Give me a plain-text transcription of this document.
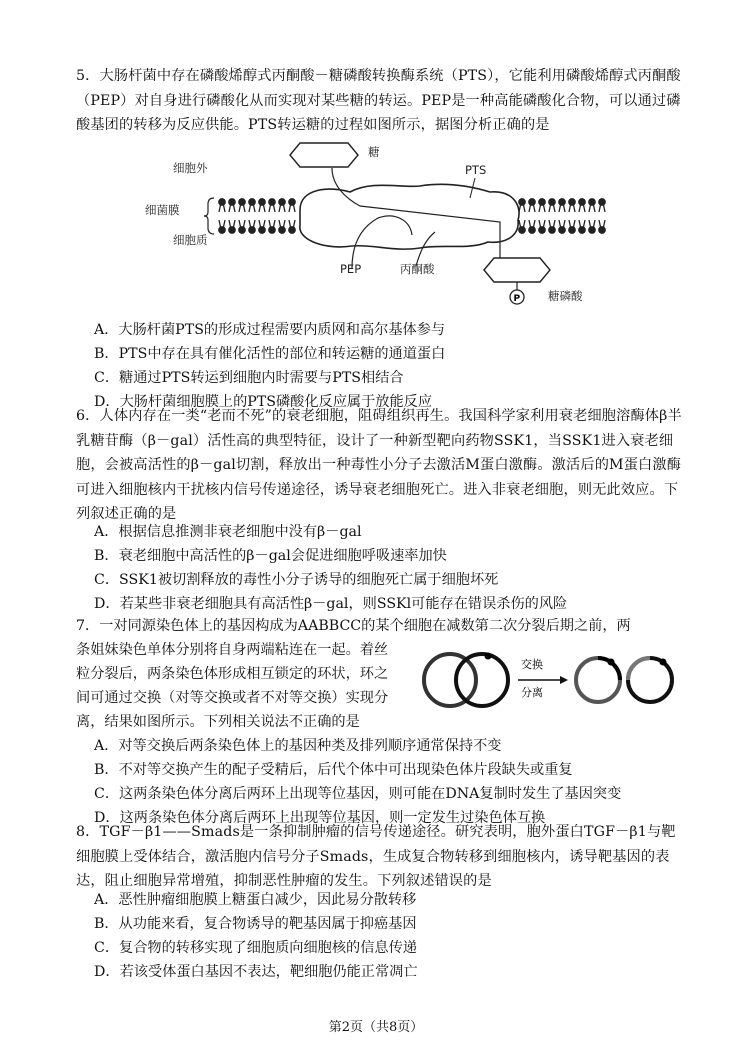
5．大肠杆菌中存在磷酸烯醇式丙酮酸－糖磷酸转换酶系统（PTS），它能利用磷酸烯醇式丙酮酸（PEP）对自身进行磷酸化从而实现对某些糖的转运。PEP是一种高能磷酸化合物，可以通过磷酸基团的转移为反应供能。PTS转运糖的过程如图所示，据图分析正确的是
细胞外
细菌膜
细胞质
糖
PTS
PEP	丙酮酸
P 糖磷酸
A．大肠杆菌PTS的形成过程需要内质网和高尔基体参与
B．PTS中存在具有催化活性的部位和转运糖的通道蛋白
C．糖通过PTS转运到细胞内时需要与PTS相结合
D．大肠杆菌细胞膜上的PTS磷酸化反应属于放能反应
6．人体内存在一类“老而不死”的衰老细胞，阻碍组织再生。我国科学家利用衰老细胞溶酶体β半乳糖苷酶（β－gal）活性高的典型特征，设计了一种新型靶向药物SSK1，当SSK1进入衰老细胞，会被高活性的β－gal切割，释放出一种毒性小分子去激活M蛋白激酶。激活后的M蛋白激酶可进入细胞核内干扰核内信号传递途径，诱导衰老细胞死亡。进入非衰老细胞，则无此效应。下列叙述正确的是
A．根据信息推测非衰老细胞中没有β－gal
B．衰老细胞中高活性的β－gal会促进细胞呼吸速率加快
C．SSK1被切割释放的毒性小分子诱导的细胞死亡属于细胞坏死
D．若某些非衰老细胞具有高活性β－gal，则SSKl可能存在错误杀伤的风险
7．一对同源染色体上的基因构成为AABBCC的某个细胞在减数第二次分裂后期之前，两
条姐妹染色单体分别将自身两端粘连在一起。着丝
粒分裂后，两条染色体形成相互锁定的环状，环之
间可通过交换（对等交换或者不对等交换）实现分
离，结果如图所示。下列相关说法不正确的是
交换
分离
A．对等交换后两条染色体上的基因种类及排列顺序通常保持不变
B．不对等交换产生的配子受精后，后代个体中可出现染色体片段缺失或重复
C．这两条染色体分离后两环上出现等位基因，则可能在DNA复制时发生了基因突变
D．这两条染色体分离后两环上出现等位基因，则一定发生过染色体互换
8．TGF－β1——Smads是一条抑制肿瘤的信号传递途径。研究表明，胞外蛋白TGF－β1与靶细胞膜上受体结合，激活胞内信号分子Smads，生成复合物转移到细胞核内，诱导靶基因的表达，阻止细胞异常增殖，抑制恶性肿瘤的发生。下列叙述错误的是
A．恶性肿瘤细胞膜上糖蛋白减少，因此易分散转移
B．从功能来看，复合物诱导的靶基因属于抑癌基因
C．复合物的转移实现了细胞质向细胞核的信息传递
D．若该受体蛋白基因不表达，靶细胞仍能正常凋亡
第2页（共8页）
